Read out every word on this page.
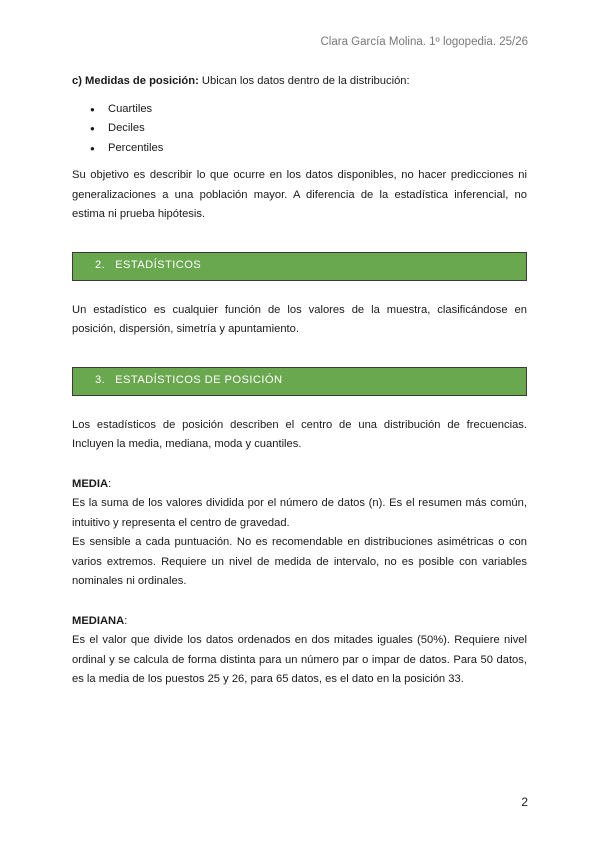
Clara García Molina. 1º logopedia. 25/26

c) Medidas de posición: Ubican los datos dentro de la distribución:

● Cuartiles
● Deciles
● Percentiles

Su objetivo es describir lo que ocurre en los datos disponibles, no hacer predicciones ni generalizaciones a una población mayor. A diferencia de la estadística inferencial, no estima ni prueba hipótesis.

2. ESTADÍSTICOS

Un estadístico es cualquier función de los valores de la muestra, clasificándose en posición, dispersión, simetría y apuntamiento.

3. ESTADÍSTICOS DE POSICIÓN

Los estadísticos de posición describen el centro de una distribución de frecuencias. Incluyen la media, mediana, moda y cuantiles.

MEDIA:

Es la suma de los valores dividida por el número de datos (n). Es el resumen más común, intuitivo y representa el centro de gravedad.

Es sensible a cada puntuación. No es recomendable en distribuciones asimétricas o con varios extremos. Requiere un nivel de medida de intervalo, no es posible con variables nominales ni ordinales.

MEDIANA:

Es el valor que divide los datos ordenados en dos mitades iguales (50%). Requiere nivel ordinal y se calcula de forma distinta para un número par o impar de datos. Para 50 datos, es la media de los puestos 25 y 26, para 65 datos, es el dato en la posición 33.

2
